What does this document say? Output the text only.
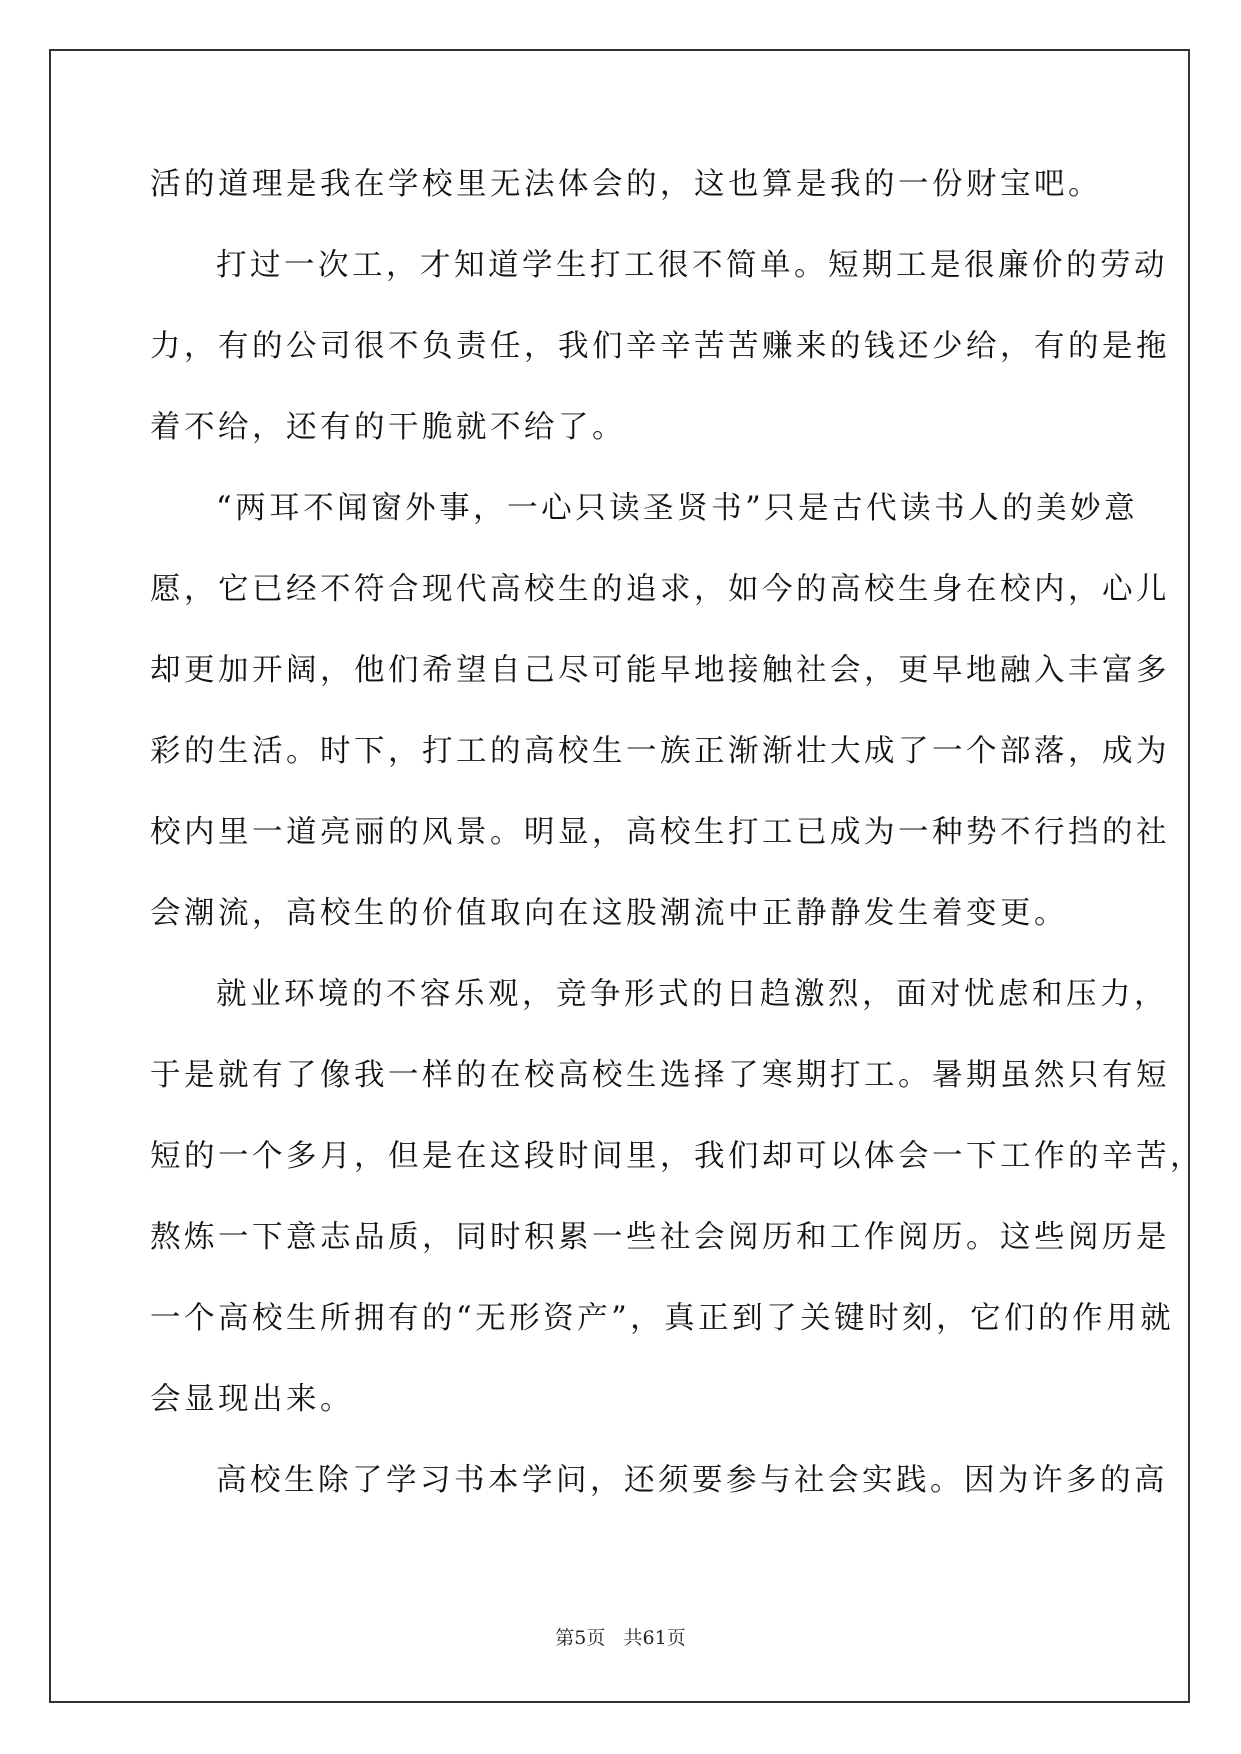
活的道理是我在学校里无法体会的，这也算是我的一份财宝吧。
打过一次工，才知道学生打工很不简单。短期工是很廉价的劳动
力，有的公司很不负责任，我们辛辛苦苦赚来的钱还少给，有的是拖
着不给，还有的干脆就不给了。
“两耳不闻窗外事，一心只读圣贤书”只是古代读书人的美妙意
愿，它已经不符合现代高校生的追求，如今的高校生身在校内，心儿
却更加开阔，他们希望自己尽可能早地接触社会，更早地融入丰富多
彩的生活。时下，打工的高校生一族正渐渐壮大成了一个部落，成为
校内里一道亮丽的风景。明显，高校生打工已成为一种势不行挡的社
会潮流，高校生的价值取向在这股潮流中正静静发生着变更。
就业环境的不容乐观，竞争形式的日趋激烈，面对忧虑和压力，
于是就有了像我一样的在校高校生选择了寒期打工。暑期虽然只有短
短的一个多月，但是在这段时间里，我们却可以体会一下工作的辛苦，
熬炼一下意志品质，同时积累一些社会阅历和工作阅历。这些阅历是
一个高校生所拥有的“无形资产”，真正到了关键时刻，它们的作用就
会显现出来。
高校生除了学习书本学问，还须要参与社会实践。因为许多的高
第5页 共61页
